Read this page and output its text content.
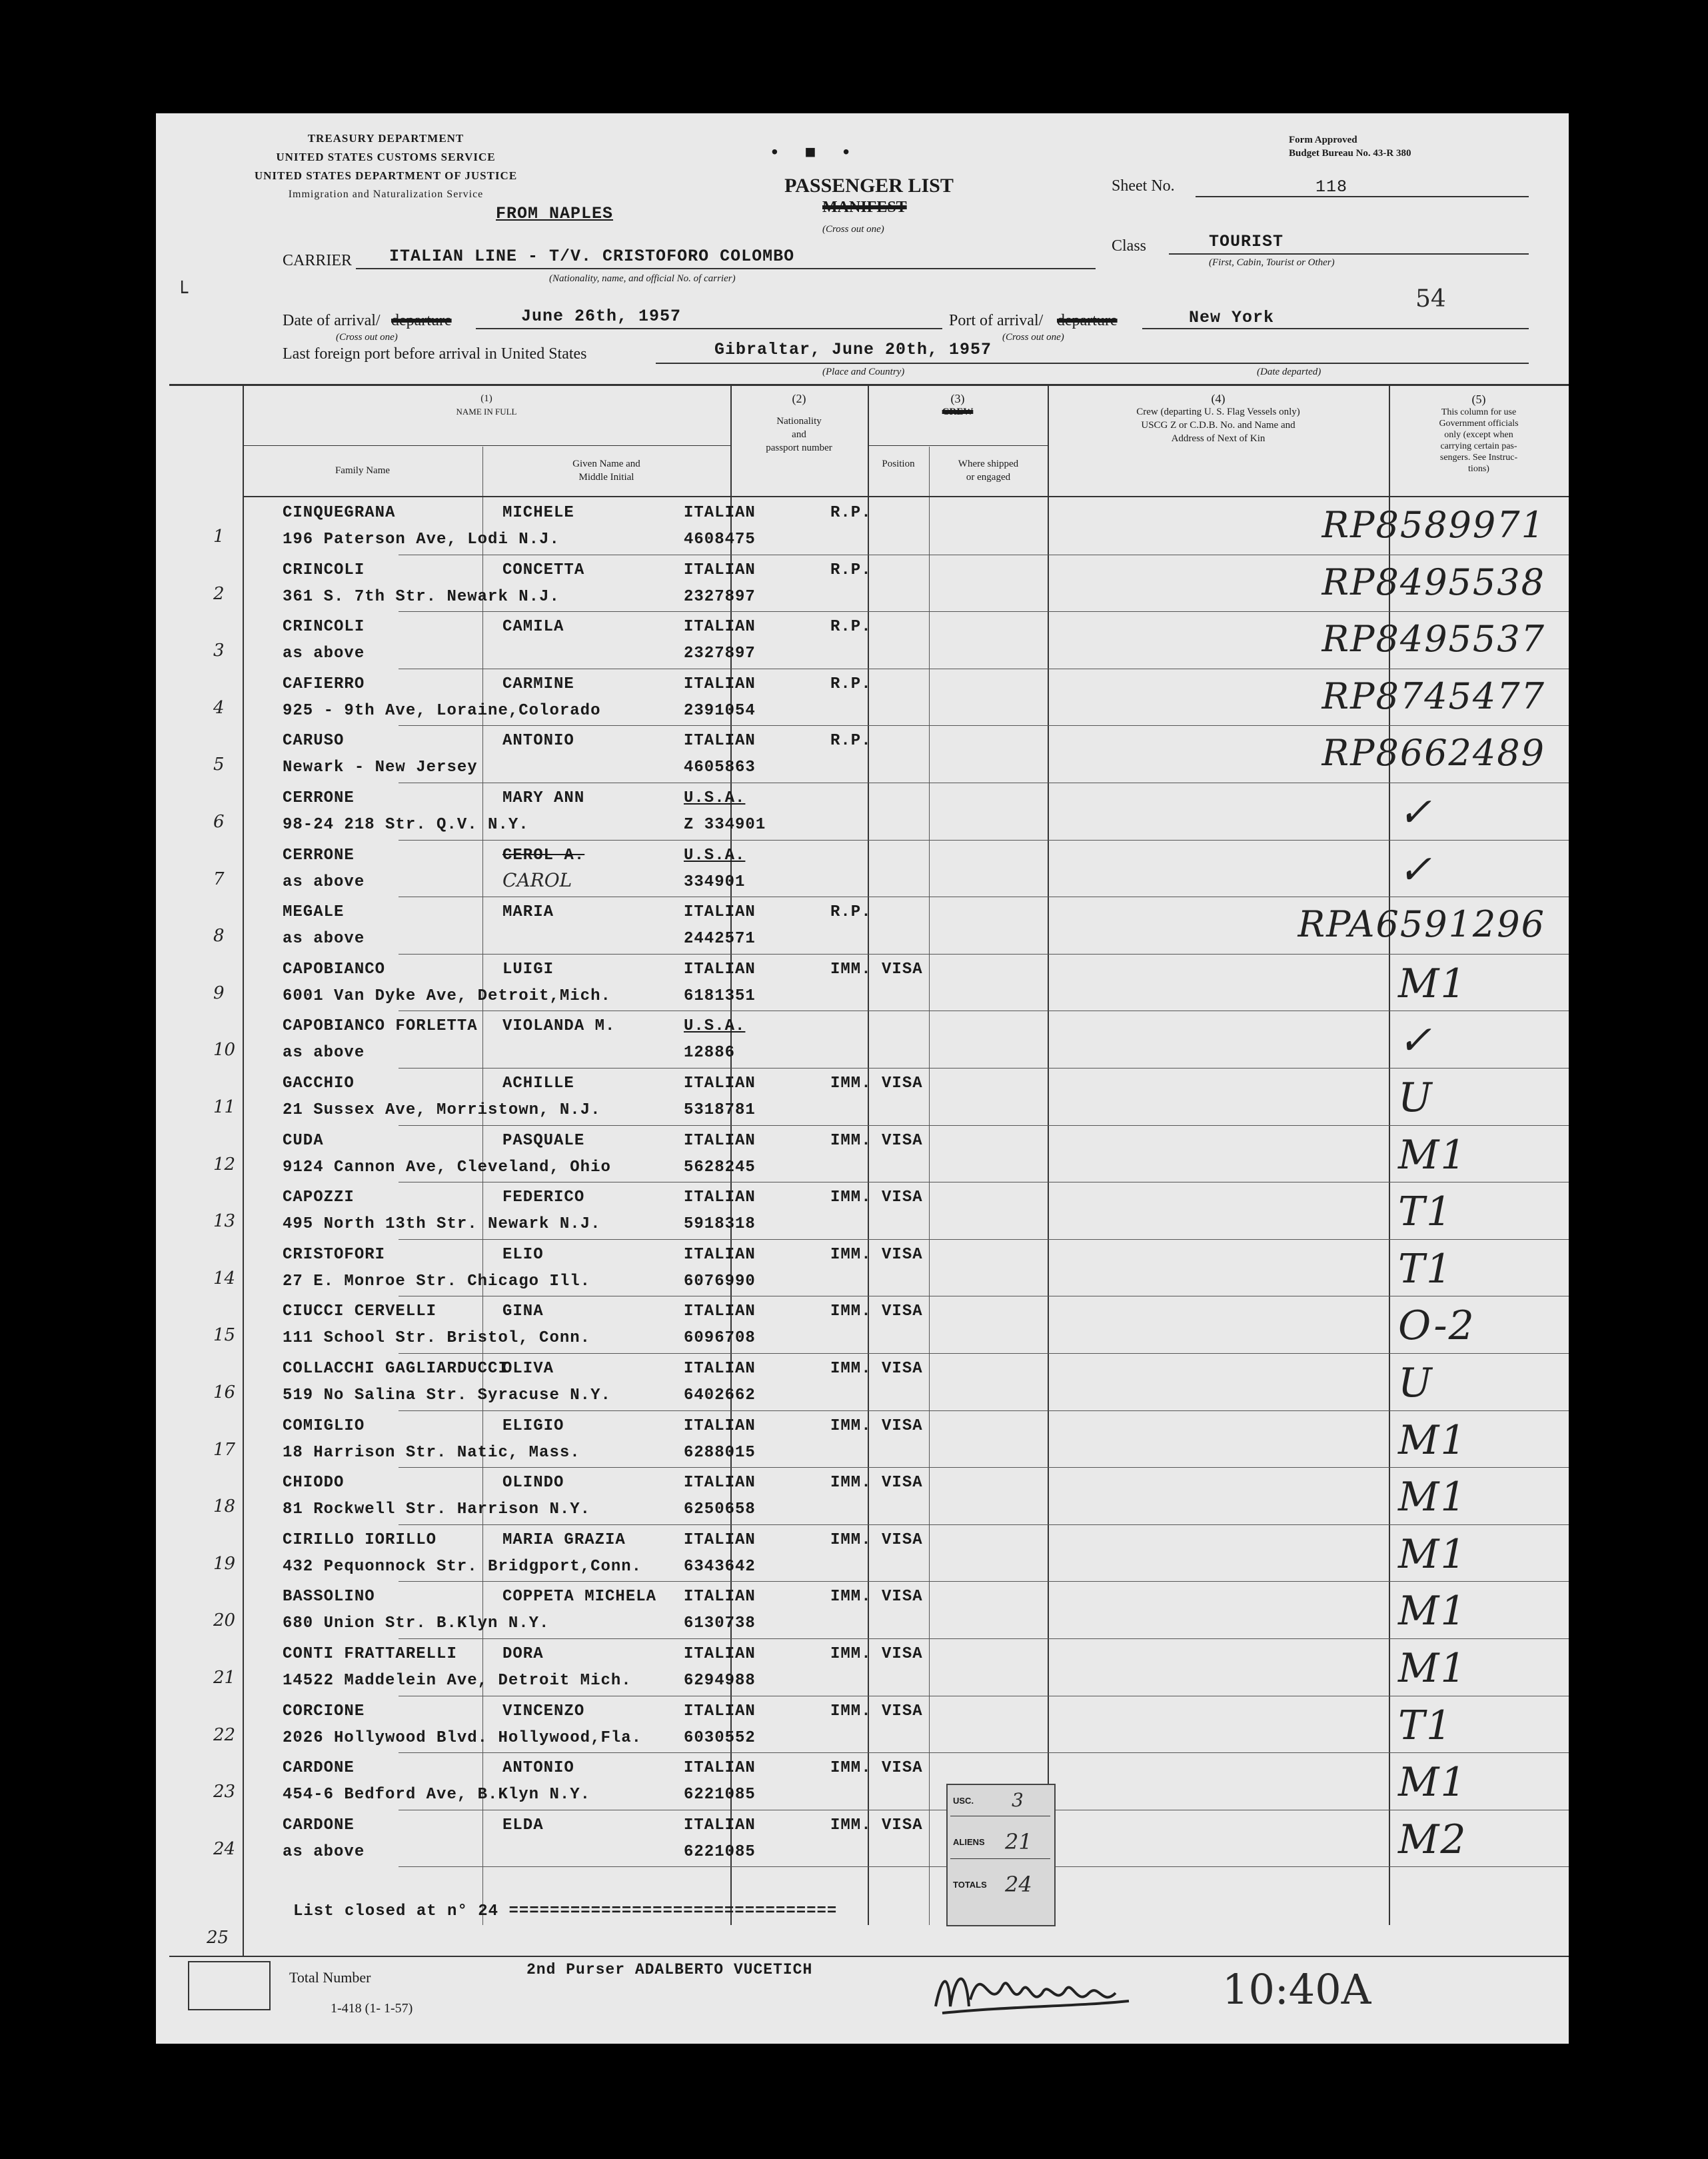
TREASURY DEPARTMENT
UNITED STATES CUSTOMS SERVICE
UNITED STATES DEPARTMENT OF JUSTICE
Immigration and Naturalization Service
Form Approved
Budget Bureau No. 43-R 380
• ■ •
PASSENGER LIST
MANIFEST
(Cross out one)
FROM NAPLES
Sheet No.	118
Class	TOURIST
(First, Cabin, Tourist or Other)
CARRIER ITALIAN LINE - T/V. CRISTOFORO COLOMBO
(Nationality, name, and official No. of carrier)
54
└
Date of arrival/ departure	June 26th, 1957
(Cross out one)
Port of arrival/ departure	New York
(Cross out one)
Last foreign port before arrival in United States	Gibraltar, June 20th, 1957
(Place and Country)	(Date departed)
(1)
NAME IN FULL
Family Name
Given Name and
Middle Initial
(2)
Nationality
and
passport number
(3)
CREW
Position	Where shipped
or engaged
(4)
Crew (departing U. S. Flag Vessels only)
USCG Z or C.D.B. No. and Name and
Address of Next of Kin
(5)
This column for use
Government officials
only (except when
carrying certain pas-
sengers. See Instruc-
tions)
1
CINQUEGRANA	MICHELE
196 Paterson Ave, Lodi N.J.
ITALIAN
4608475
R.P.	RP8589971
2
CRINCOLI	CONCETTA
361 S. 7th Str. Newark N.J.
ITALIAN
2327897
R.P.	RP8495538
3
CRINCOLI	CAMILA
as above
ITALIAN
2327897
R.P.	RP8495537
4
CAFIERRO	CARMINE
925 - 9th Ave, Loraine,Colorado
ITALIAN
2391054
R.P.	RP8745477
5
CARUSO	ANTONIO
Newark - New Jersey
ITALIAN
4605863
R.P.	RP8662489
6
CERRONE	MARY ANN
98-24 218 Str. Q.V. N.Y.
U.S.A.
Z 334901	✓
7
CERRONE	CEROL A.
as above
U.S.A.
334901
CAROL	✓
8
MEGALE	MARIA
as above
ITALIAN
2442571
R.P.	RPA6591296
9
CAPOBIANCO	LUIGI
6001 Van Dyke Ave, Detroit,Mich.
ITALIAN
6181351
IMM. VISA	M1
10
CAPOBIANCO FORLETTA VIOLANDA M.
as above
U.S.A.
12886	✓
11
GACCHIO	ACHILLE
21 Sussex Ave, Morristown, N.J.
ITALIAN
5318781
IMM. VISA	U
12
CUDA	PASQUALE
9124 Cannon Ave, Cleveland, Ohio
ITALIAN
5628245
IMM. VISA	M1
13
CAPOZZI	FEDERICO
495 North 13th Str. Newark N.J.
ITALIAN
5918318
IMM. VISA	T1
14
CRISTOFORI	ELIO
27 E. Monroe Str. Chicago Ill.
ITALIAN
6076990
IMM. VISA	T1
15
CIUCCI CERVELLI	GINA
111 School Str. Bristol, Conn.
ITALIAN
6096708
IMM. VISA	O-2
16
COLLACCHI GAGLIARDUCCI
OLIVA
519 No Salina Str. Syracuse N.Y.
ITALIAN
6402662
IMM. VISA	U
17
COMIGLIO	ELIGIO
18 Harrison Str. Natic, Mass.
ITALIAN
6288015
IMM. VISA	M1
18
CHIODO	OLINDO
81 Rockwell Str. Harrison N.Y.
ITALIAN
6250658
IMM. VISA	M1
19
CIRILLO IORILLO	MARIA GRAZIA
432 Pequonnock Str. Bridgport,Conn.
ITALIAN
6343642
IMM. VISA	M1
20
BASSOLINO	COPPETA MICHELA
680 Union Str. B.Klyn N.Y.
ITALIAN
6130738
IMM. VISA	M1
21
CONTI FRATTARELLI	DORA
14522 Maddelein Ave, Detroit Mich.
ITALIAN
6294988
IMM. VISA	M1
22
CORCIONE	VINCENZO
2026 Hollywood Blvd. Hollywood,Fla.
ITALIAN
6030552
IMM. VISA	T1
23
CARDONE	ANTONIO
454-6 Bedford Ave, B.Klyn N.Y.
ITALIAN
6221085
IMM. VISA	M1
24
CARDONE	ELDA
as above
ITALIAN
6221085
IMM. VISA	M2
25
List closed at n° 24 ================================
USC. 3
ALIENS 21
TOTALS 24
Total Number
1-418 (1- 1-57)
2nd Purser ADALBERTO VUCETICH	10:40A
